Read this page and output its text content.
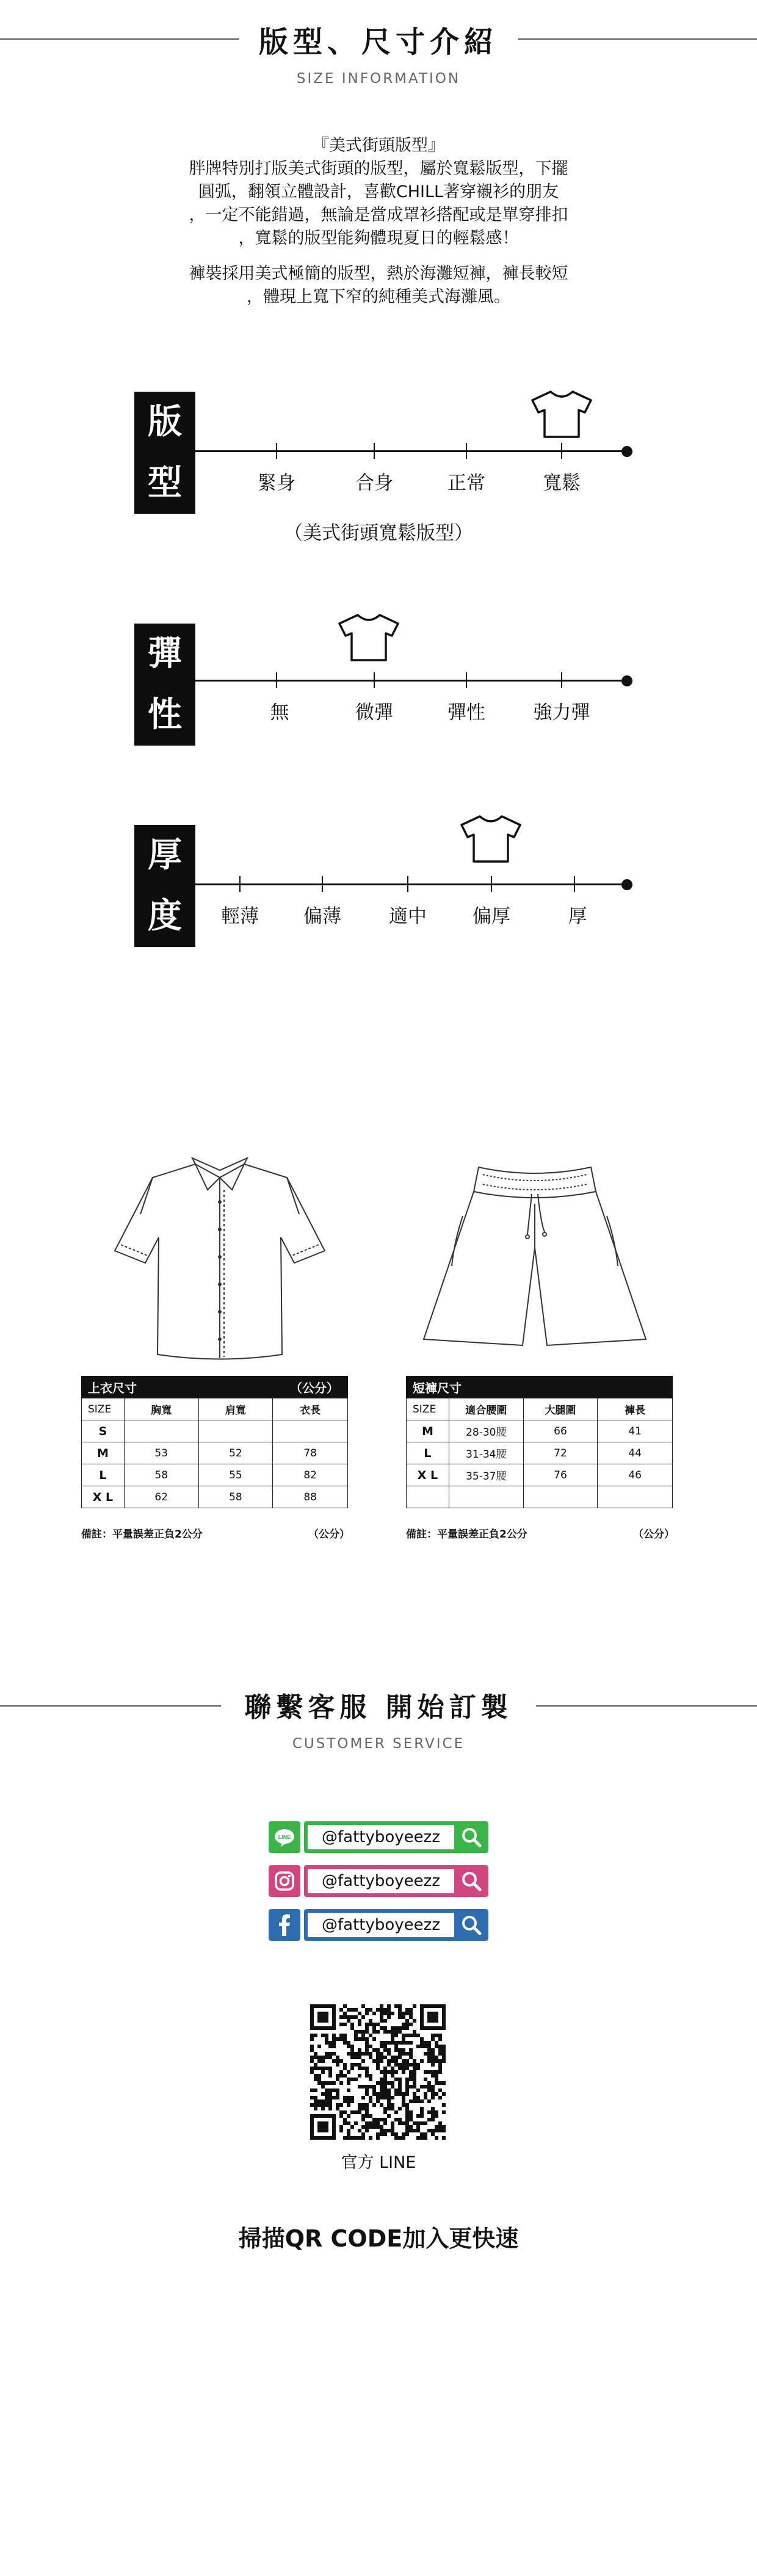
版型、尺寸介紹
SIZE INFORMATION
『美式街頭版型』
胖牌特別打版美式街頭的版型，屬於寬鬆版型，下擺
圓弧，翻領立體設計，喜歡CHILL著穿襯衫的朋友
，一定不能錯過，無論是當成罩衫搭配或是單穿排扣
，寬鬆的版型能夠體現夏日的輕鬆感！
褲裝採用美式極簡的版型，熱於海灘短褲，褲長較短
，體現上寬下窄的純種美式海灘風。
版
型	緊身	合身	正常	寬鬆
（美式街頭寬鬆版型）
彈
性	無	微彈	彈性	強力彈
厚
度	輕薄	偏薄	適中	偏厚	厚
上衣尺寸		（公分）	
SIZE	胸寬	肩寬	衣長
S			
M	53	52	78
L	58	55	82
X L	62	58	88
備註：平量誤差正負2公分	（公分）
短褲尺寸			
SIZE	適合腰圍	大腿圍	褲長
M	28-30腰	66	41
L	31-34腰	72	44
X L	35-37腰	76	46

備註：平量誤差正負2公分	（公分）
聯繫客服 開始訂製
CUSTOMER SERVICE
LINE	@fattyboyeezz
@fattyboyeezz
@fattyboyeezz
官方 LINE
掃描QR CODE加入更快速
